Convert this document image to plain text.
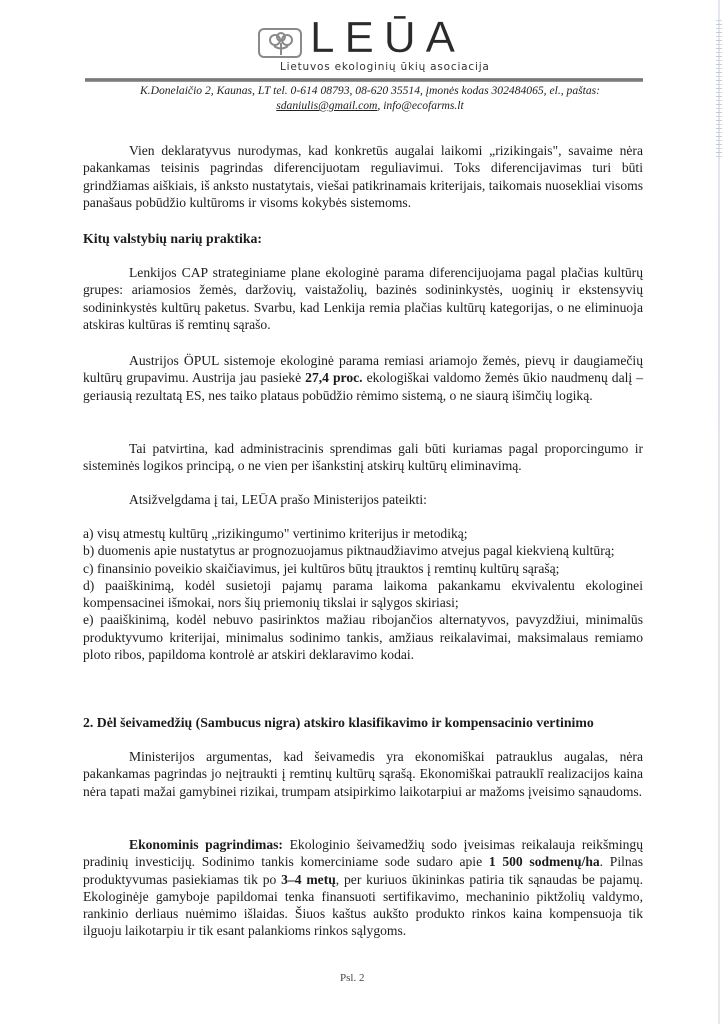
LEŪA
Lietuvos ekologinių ūkių asociacija
K.Donelaičio 2, Kaunas, LT tel. 0-614 08793, 08-620 35514, įmonės kodas 302484065, el., paštas:
sdaniulis@gmail.com, info@ecofarms.lt

Vien deklaratyvus nurodymas, kad konkretūs augalai laikomi „rizikingais", savaime nėra pakankamas teisinis pagrindas diferencijuotam reguliavimui. Toks diferencijavimas turi būti grindžiamas aiškiais, iš anksto nustatytais, viešai patikrinamais kriterijais, taikomais nuosekliai visoms panašaus pobūdžio kultūroms ir visoms kokybės sistemoms.

Kitų valstybių narių praktika:

Lenkijos CAP strateginiame plane ekologinė parama diferencijuojama pagal plačias kultūrų grupes: ariamosios žemės, daržovių, vaistažolių, bazinės sodininkystės, uoginių ir ekstensyvių sodininkystės kultūrų paketus. Svarbu, kad Lenkija remia plačias kultūrų kategorijas, o ne eliminuoja atskiras kultūras iš remtinų sąrašo.

Austrijos ÖPUL sistemoje ekologinė parama remiasi ariamojo žemės, pievų ir daugiamečių kultūrų grupavimu. Austrija jau pasiekė 27,4 proc. ekologiškai valdomo žemės ūkio naudmenų dalį – geriausią rezultatą ES, nes taiko plataus pobūdžio rėmimo sistemą, o ne siaurą išimčių logiką.

Tai patvirtina, kad administracinis sprendimas gali būti kuriamas pagal proporcingumo ir sisteminės logikos principą, o ne vien per išankstinį atskirų kultūrų eliminavimą.

Atsižvelgdama į tai, LEŪA prašo Ministerijos pateikti:

a) visų atmestų kultūrų „rizikingumo" vertinimo kriterijus ir metodiką;
b) duomenis apie nustatytus ar prognozuojamus piktnaudžiavimo atvejus pagal kiekvieną kultūrą;
c) finansinio poveikio skaičiavimus, jei kultūros būtų įtrauktos į remtinų kultūrų sąrašą;
d) paaiškinimą, kodėl susietoji pajamų parama laikoma pakankamu ekvivalentu ekologinei kompensacinei išmokai, nors šių priemonių tikslai ir sąlygos skiriasi;
e) paaiškinimą, kodėl nebuvo pasirinktos mažiau ribojančios alternatyvos, pavyzdžiui, minimalūs produktyvumo kriterijai, minimalus sodinimo tankis, amžiaus reikalavimai, maksimalaus remiamo ploto ribos, papildoma kontrolė ar atskiri deklaravimo kodai.

2. Dėl šeivamedžių (Sambucus nigra) atskiro klasifikavimo ir kompensacinio vertinimo

Ministerijos argumentas, kad šeivamedis yra ekonomiškai patrauklus augalas, nėra pakankamas pagrindas jo neįtraukti į remtinų kultūrų sąrašą. Ekonomiškai patrauklī realizacijos kaina nėra tapati mažai gamybinei rizikai, trumpam atsipirkimo laikotarpiui ar mažoms įveisimo sąnaudoms.

Ekonominis pagrindimas: Ekologinio šeivamedžių sodo įveisimas reikalauja reikšmingų pradinių investicijų. Sodinimo tankis komerciniame sode sudaro apie 1 500 sodmenų/ha. Pilnas produktyvumas pasiekiamas tik po 3–4 metų, per kuriuos ūkininkas patiria tik sąnaudas be pajamų. Ekologinėje gamyboje papildomai tenka finansuoti sertifikavimo, mechaninio piktžolių valdymo, rankinio derliaus nuėmimo išlaidas. Šiuos kaštus aukšto produkto rinkos kaina kompensuoja tik ilguoju laikotarpiu ir tik esant palankioms rinkos sąlygoms.

Psl. 2
